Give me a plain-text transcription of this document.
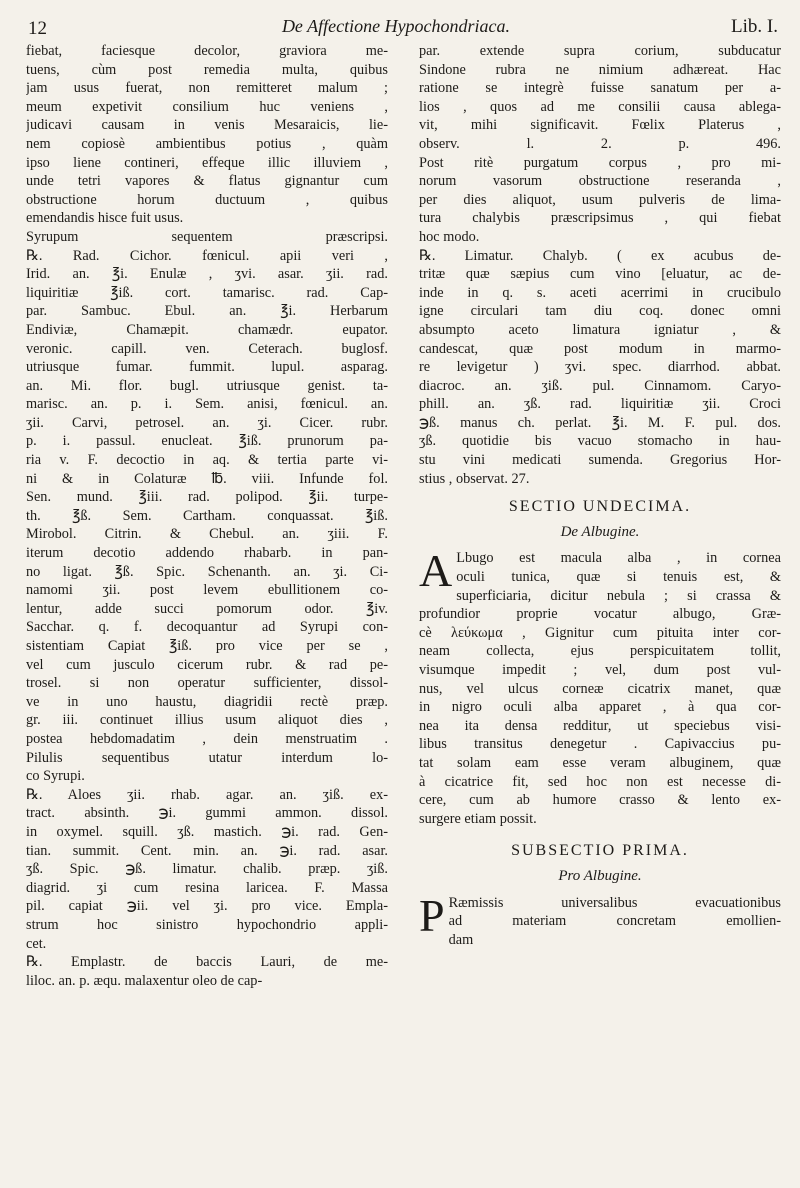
12	De Affectione Hypochondriaca.	Lib. I.
fiebat, faciesque decolor, graviora me-
tuens, cùm post remedia multa, quibus
jam usus fuerat, non remitteret malum ;
meum expetivit consilium huc veniens ,
judicavi causam in venis Mesaraicis, lie-
nem copiosè ambientibus potius , quàm
ipso liene contineri, effeque illic illuviem ,
unde tetri vapores & flatus gignantur cum
obstructione horum ductuum , quibus
emendandis hisce fuit usus.
Syrupum sequentem præscripsi.
℞. Rad. Cichor. fœnicul. apii veri ,
Irid. an. ℥i. Enulæ , ʒvi. asar. ʒii. rad.
liquiritiæ ℥iß. cort. tamarisc. rad. Cap-
par. Sambuc. Ebul. an. ℥i. Herbarum
Endiviæ, Chamæpit. chamædr. eupator.
veronic. capill. ven. Ceterach. buglosf.
utriusque fumar. fummit. lupul. asparag.
an. Mi. flor. bugl. utriusque genist. ta-
marisc. an. p. i. Sem. anisi, fœnicul. an.
ʒii. Carvi, petrosel. an. ʒi. Cicer. rubr.
p. i. passul. enucleat. ℥iß. prunorum pa-
ria v. F. decoctio in aq. & tertia parte vi-
ni & in Colaturæ ℔. viii. Infunde fol.
Sen. mund. ℥iii. rad. polipod. ℥ii. turpe-
th. ℥ß. Sem. Cartham. conquassat. ℥iß.
Mirobol. Citrin. & Chebul. an. ʒiii. F.
iterum decotio addendo rhabarb. in pan-
no ligat. ℥ß. Spic. Schenanth. an. ʒi. Ci-
namomi ʒii. post levem ebullitionem co-
lentur, adde succi pomorum odor. ℥iv.
Sacchar. q. f. decoquantur ad Syrupi con-
sistentiam Capiat ℥iß. pro vice per se ,
vel cum jusculo cicerum rubr. & rad pe-
trosel. si non operatur sufficienter, dissol-
ve in uno haustu, diagridii rectè præp.
gr. iii. continuet illius usum aliquot dies ,
postea hebdomadatim , dein menstruatim .
Pilulis sequentibus utatur interdum lo-
co Syrupi.
℞. Aloes ʒii. rhab. agar. an. ʒiß. ex-
tract. absinth. ℈i. gummi ammon. dissol.
in oxymel. squill. ʒß. mastich. ℈i. rad. Gen-
tian. summit. Cent. min. an. ℈i. rad. asar.
ʒß. Spic. ℈ß. limatur. chalib. præp. ʒiß.
diagrid. ʒi cum resina laricea. F. Massa
pil. capiat ℈ii. vel ʒi. pro vice. Empla-
strum hoc sinistro hypochondrio appli-
cet.
℞. Emplastr. de baccis Lauri, de me-
liloc. an. p. æqu. malaxentur oleo de cap-
par. extende supra corium, subducatur
Sindone rubra ne nimium adhæreat. Hac
ratione se integrè fuisse sanatum per a-
lios , quos ad me consilii causa ablega-
vit, mihi significavit. Fœlix Platerus ,
observ. l. 2. p. 496.
Post ritè purgatum corpus , pro mi-
norum vasorum obstructione reseranda ,
per dies aliquot, usum pulveris de lima-
tura chalybis præscripsimus , qui fiebat
hoc modo.
℞. Limatur. Chalyb. ( ex acubus de-
tritæ quæ sæpius cum vino [eluatur, ac de-
inde in q. s. aceti acerrimi in crucibulo
igne circulari tam diu coq. donec omni
absumpto aceto limatura igniatur , &
candescat, quæ post modum in marmo-
re levigetur ) ʒvi. spec. diarrhod. abbat.
diacroc. an. ʒiß. pul. Cinnamom. Caryo-
phill. an. ʒß. rad. liquiritiæ ʒii. Croci
℈ß. manus ch. perlat. ℥i. M. F. pul. dos.
ʒß. quotidie bis vacuo stomacho in hau-
stu vini medicati sumenda. Gregorius Hor-
stius , observat. 27.
SECTIO UNDECIMA.
De Albugine.
A Lbugo est macula alba , in cornea
oculi tunica, quæ si tenuis est, &
superficiaria, dicitur nebula ; si crassa &
profundior proprie vocatur albugo, Græ-
cè λεύκωμα , Gignitur cum pituita inter cor-
neam collecta, ejus perspicuitatem tollit,
visumque impedit ; vel, dum post vul-
nus, vel ulcus corneæ cicatrix manet, quæ
in nigro oculi alba apparet , à qua cor-
nea ita densa redditur, ut speciebus visi-
libus transitus denegetur . Capivaccius pu-
tat solam eam esse veram albuginem, quæ
à cicatrice fit, sed hoc non est necesse di-
cere, cum ab humore crasso & lento ex-
surgere etiam possit.
SUBSECTIO PRIMA.
Pro Albugine.
P Ræmissis universalibus evacuationibus
ad materiam concretam emollien-
dam
